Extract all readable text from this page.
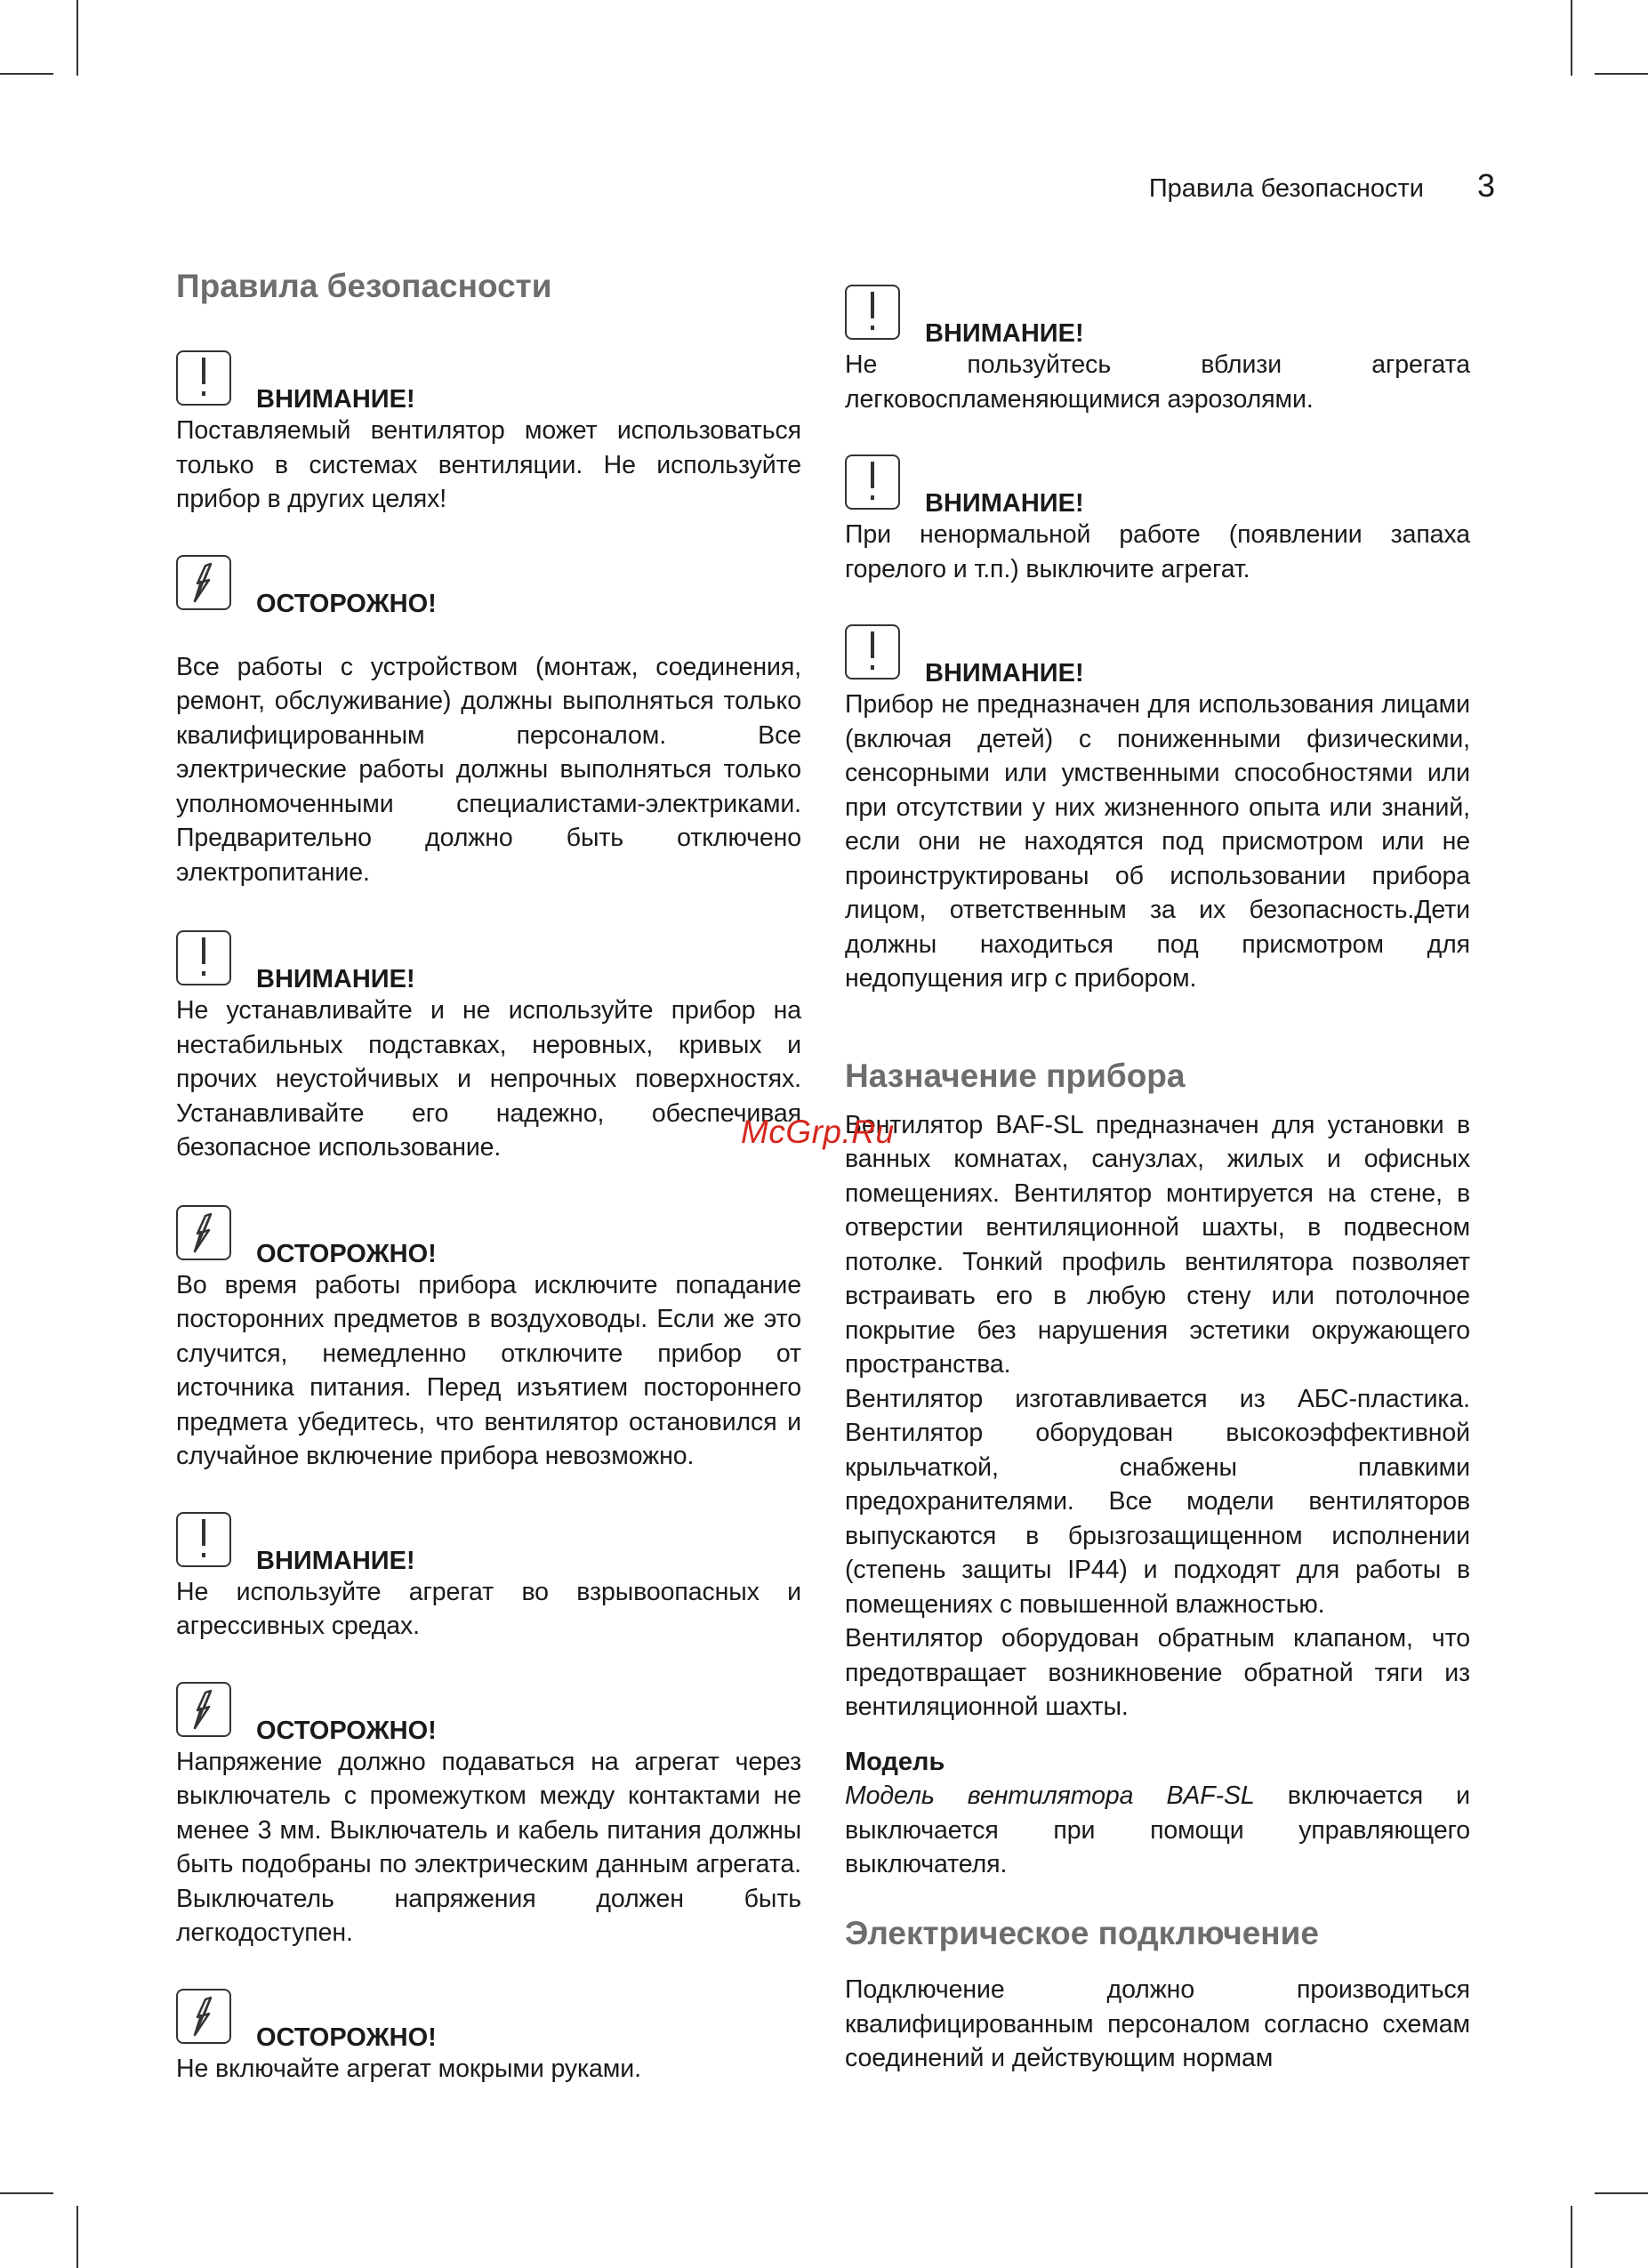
Правила безопасности 3
Правила безопасности
ВНИМАНИЕ!

Поставляемый вентилятор может использоваться только в системах вентиляции. Не используйте прибор в других целях!

ОСТОРОЖНО!

Все работы с устройством (монтаж, соединения, ремонт, обслуживание) должны выполняться только квалифицированным персоналом. Все электрические работы должны выполняться только уполномоченными специалистами-электриками. Предварительно должно быть отключено электропитание.

ВНИМАНИЕ!

Не устанавливайте и не используйте прибор на нестабильных подставках, неровных, кривых и прочих неустойчивых и непрочных поверхностях. Устанавливайте его надежно, обеспечивая безопасное использование.

ОСТОРОЖНО!

Во время работы прибора исключите попадание посторонних предметов в воздуховоды. Если же это случится, немедленно отключите прибор от источника питания. Перед изъятием постороннего предмета убедитесь, что вентилятор остановился и случайное включение прибора невозможно.

ВНИМАНИЕ!

Не используйте агрегат во взрывоопасных и агрессивных средах.

ОСТОРОЖНО!

Напряжение должно подаваться на агрегат через выключатель с промежутком между контактами не менее 3 мм. Выключатель и кабель питания должны быть подобраны по электрическим данным агрегата. Выключатель напряжения должен быть легкодоступен.

ОСТОРОЖНО!

Не включайте агрегат мокрыми руками.

ВНИМАНИЕ!

Не пользуйтесь вблизи агрегата легковоспламеняющимися аэрозолями.

ВНИМАНИЕ!

При ненормальной работе (появлении запаха горелого и т.п.) выключите агрегат.

ВНИМАНИЕ!

Прибор не предназначен для использования лицами (включая детей) с пониженными физическими, сенсорными или умственными способностями или при отсутствии у них жизненного опыта или знаний, если они не находятся под присмотром или не проинструктированы об использовании прибора лицом, ответственным за их безопасность.Дети должны находиться под присмотром для недопущения игр с прибором.

Назначение прибора

Вентилятор BAF-SL предназначен для установки в ванных комнатах, санузлах, жилых и офисных помещениях. Вентилятор монтируется на стене, в отверстии вентиляционной шахты, в подвесном потолке. Тонкий профиль вентилятора позволяет встраивать его в любую стену или потолочное покрытие без нарушения эстетики окружающего пространства.

Вентилятор изготавливается из АБС-пластика. Вентилятор оборудован высокоэффективной крыльчаткой, снабжены плавкими предохранителями. Все модели вентиляторов выпускаются в брызгозащищенном исполнении (степень защиты IP44) и подходят для работы в помещениях с повышенной влажностью.

Вентилятор оборудован обратным клапаном, что предотвращает возникновение обратной тяги из вентиляционной шахты.

Модель

Модель вентилятора BAF-SL включается и выключается при помощи управляющего выключателя.

Электрическое подключение

Подключение должно производиться квалифицированным персоналом согласно схемам соединений и действующим нормам

McGrp.Ru
